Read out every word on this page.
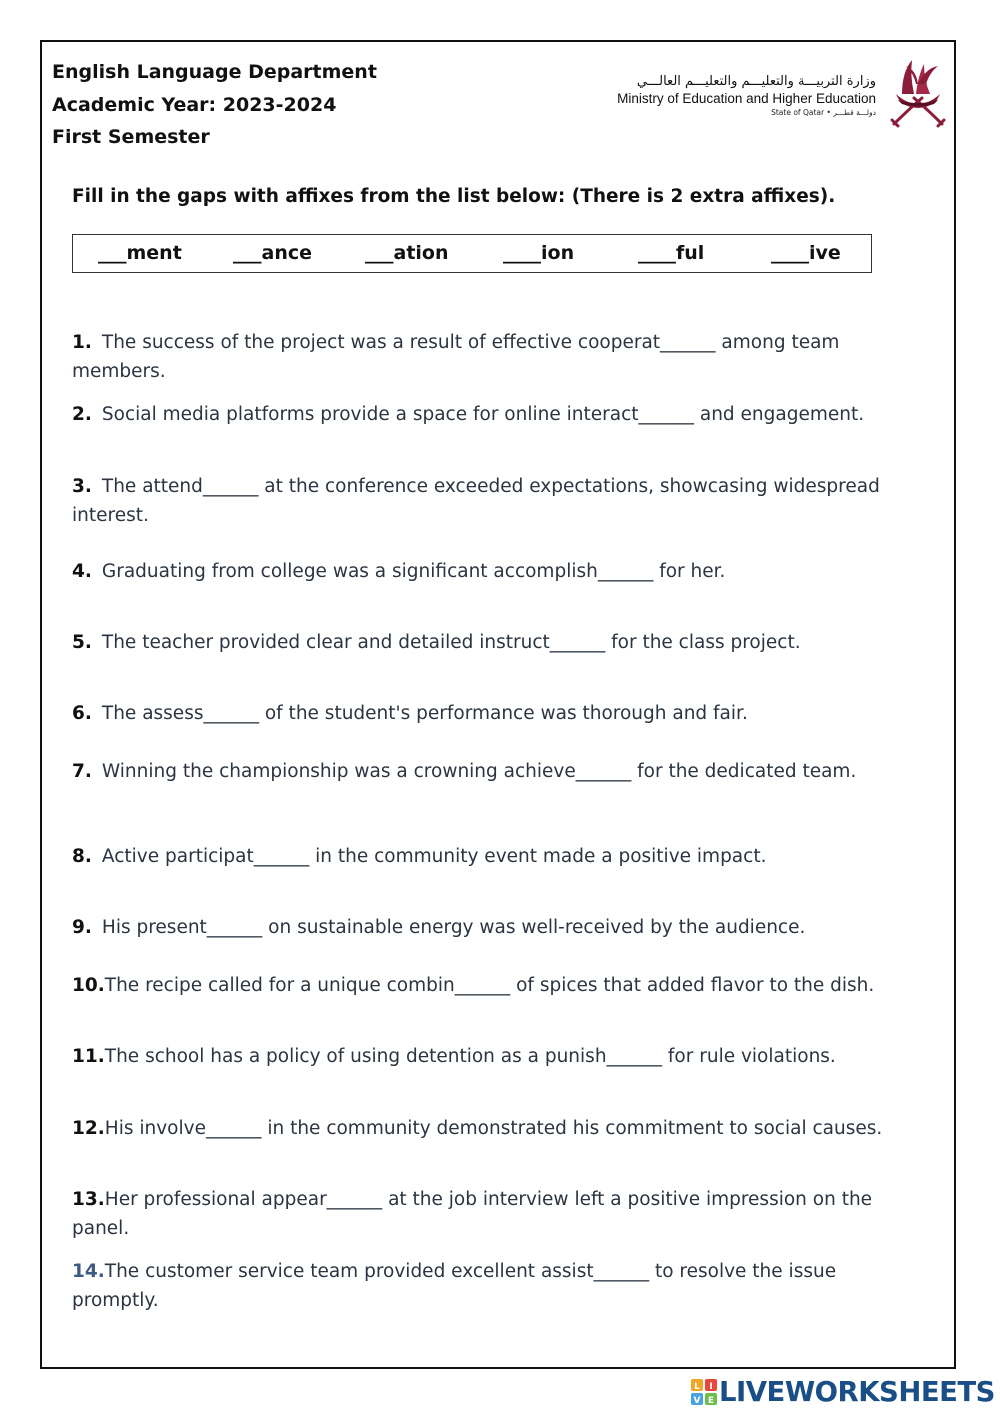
English Language Department
Academic Year: 2023-2024
First Semester
وزارة التربيـــة والتعليـــم والتعليـــم العالـــي
Ministry of Education and Higher Education
State of Qatar • دولـــة قطـــر
Fill in the gaps with affixes from the list below: (There is 2 extra affixes).
___ment	___ance	___ation	____ion	____ful	____ive
1. The success of the project was a result of effective cooperat______ among team members.
2. Social media platforms provide a space for online interact______ and engagement.
3. The attend______ at the conference exceeded expectations, showcasing widespread interest.
4. Graduating from college was a significant accomplish______ for her.
5. The teacher provided clear and detailed instruct______ for the class project.
6. The assess______ of the student's performance was thorough and fair.
7. Winning the championship was a crowning achieve______ for the dedicated team.
8. Active participat______ in the community event made a positive impact.
9. His present______ on sustainable energy was well-received by the audience.
10.The recipe called for a unique combin______ of spices that added flavor to the dish.
11.The school has a policy of using detention as a punish______ for rule violations.
12.His involve______ in the community demonstrated his commitment to social causes.
13.Her professional appear______ at the job interview left a positive impression on the panel.
14.The customer service team provided excellent assist______ to resolve the issue promptly.
L I
V E LIVEWORKSHEETS
